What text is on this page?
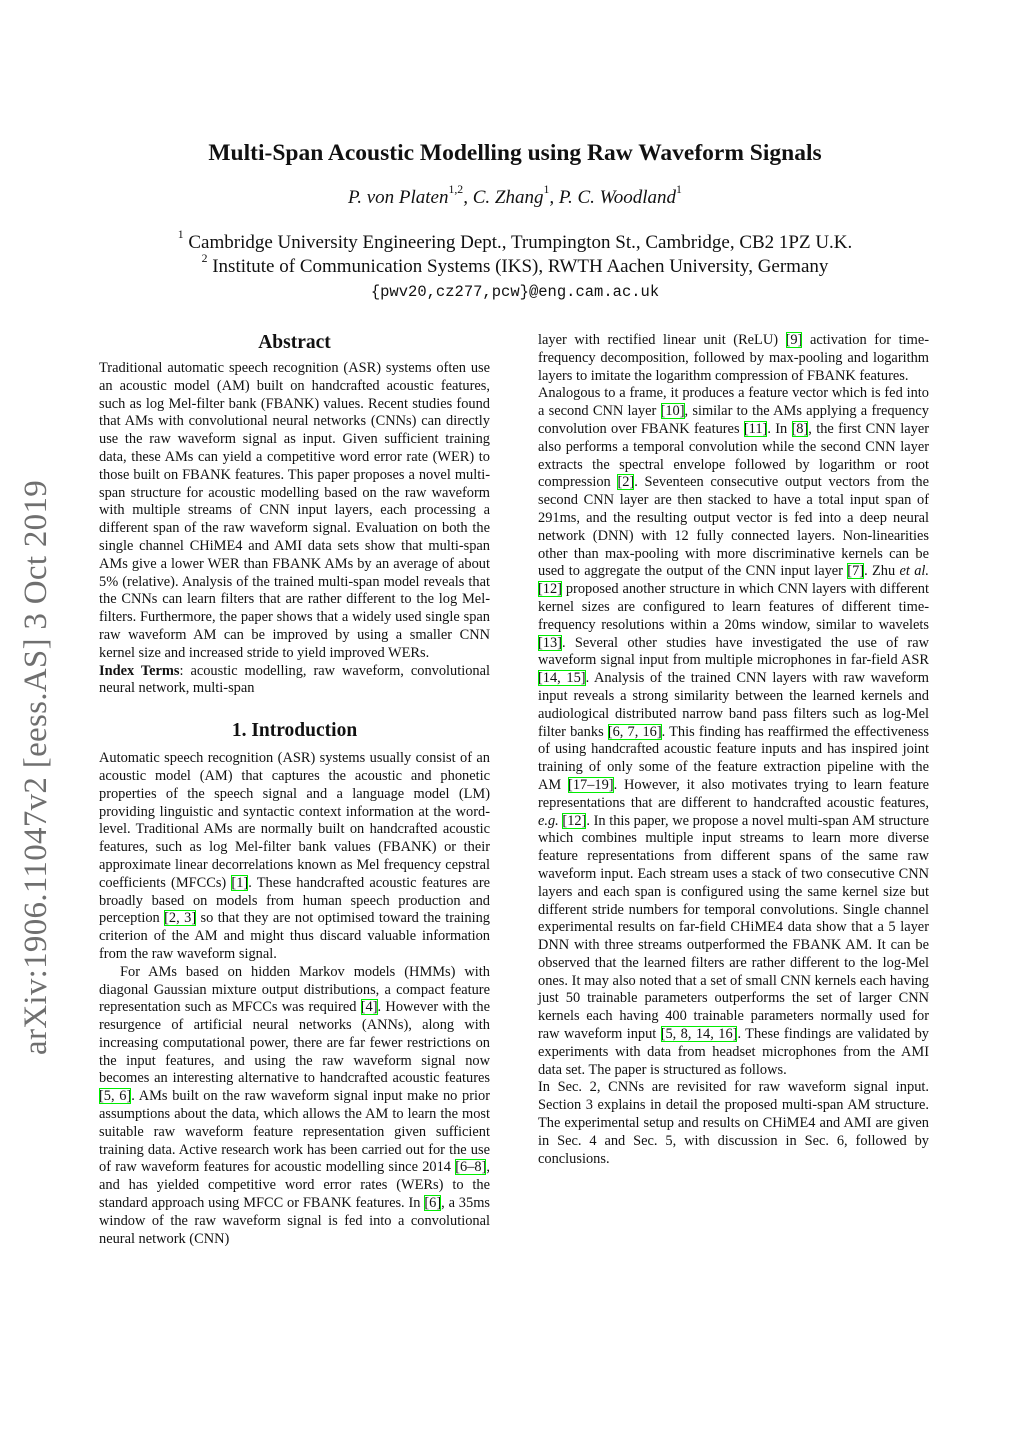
arXiv:1906.11047v2 [eess.AS] 3 Oct 2019
Multi-Span Acoustic Modelling using Raw Waveform Signals
P. von Platen$^{1,2}$, C. Zhang$^1$, P. C. Woodland$^1$
$^1$ Cambridge University Engineering Dept., Trumpington St., Cambridge, CB2 1PZ U.K.
$^2$ Institute of Communication Systems (IKS), RWTH Aachen University, Germany
{pwv20,cz277,pcw}@eng.cam.ac.uk
Abstract

Traditional automatic speech recognition (ASR) systems often use an acoustic model (AM) built on handcrafted acoustic features, such as log Mel-filter bank (FBANK) values. Recent studies found that AMs with convolutional neural networks (CNNs) can directly use the raw waveform signal as input. Given sufficient training data, these AMs can yield a competitive word error rate (WER) to those built on FBANK features. This paper proposes a novel multi-span structure for acoustic modelling based on the raw waveform with multiple streams of CNN input layers, each processing a different span of the raw waveform signal. Evaluation on both the single channel CHiME4 and AMI data sets show that multi-span AMs give a lower WER than FBANK AMs by an average of about 5% (relative). Analysis of the trained multi-span model reveals that the CNNs can learn filters that are rather different to the log Mel-filters. Furthermore, the paper shows that a widely used single span raw waveform AM can be improved by using a smaller CNN kernel size and increased stride to yield improved WERs.

Index Terms: acoustic modelling, raw waveform, convolutional neural network, multi-span

1. Introduction

Automatic speech recognition (ASR) systems usually consist of an acoustic model (AM) that captures the acoustic and phonetic properties of the speech signal and a language model (LM) providing linguistic and syntactic context information at the word-level. Traditional AMs are normally built on handcrafted acoustic features, such as log Mel-filter bank values (FBANK) or their approximate linear decorrelations known as Mel frequency cepstral coefficients (MFCCs) [1]. These handcrafted acoustic features are broadly based on models from human speech production and perception [2, 3] so that they are not optimised toward the training criterion of the AM and might thus discard valuable information from the raw waveform signal.

For AMs based on hidden Markov models (HMMs) with diagonal Gaussian mixture output distributions, a compact feature representation such as MFCCs was required [4]. However with the resurgence of artificial neural networks (ANNs), along with increasing computational power, there are far fewer restrictions on the input features, and using the raw waveform signal now becomes an interesting alternative to handcrafted acoustic features [5, 6]. AMs built on the raw waveform signal input make no prior assumptions about the data, which allows the AM to learn the most suitable raw waveform feature representation given sufficient training data. Active research work has been carried out for the use of raw waveform features for acoustic modelling since 2014 [6–8], and has yielded competitive word error rates (WERs) to the standard approach using MFCC or FBANK features. In [6], a 35ms window of the raw waveform signal is fed into a convolutional neural network (CNN)

layer with rectified linear unit (ReLU) [9] activation for time-frequency decomposition, followed by max-pooling and logarithm layers to imitate the logarithm compression of FBANK features.

Analogous to a frame, it produces a feature vector which is fed into a second CNN layer [10], similar to the AMs applying a frequency convolution over FBANK features [11]. In [8], the first CNN layer also performs a temporal convolution while the second CNN layer extracts the spectral envelope followed by logarithm or root compression [2]. Seventeen consecutive output vectors from the second CNN layer are then stacked to have a total input span of 291ms, and the resulting output vector is fed into a deep neural network (DNN) with 12 fully connected layers. Non-linearities other than max-pooling with more discriminative kernels can be used to aggregate the output of the CNN input layer [7]. Zhu et al. [12] proposed another structure in which CNN layers with different kernel sizes are configured to learn features of different time-frequency resolutions within a 20ms window, similar to wavelets [13]. Several other studies have investigated the use of raw waveform signal input from multiple microphones in far-field ASR [14, 15]. Analysis of the trained CNN layers with raw waveform input reveals a strong similarity between the learned kernels and audiological distributed narrow band pass filters such as log-Mel filter banks [6, 7, 16]. This finding has reaffirmed the effectiveness of using handcrafted acoustic feature inputs and has inspired joint training of only some of the feature extraction pipeline with the AM [17–19]. However, it also motivates trying to learn feature representations that are different to handcrafted acoustic features, e.g. [12]. In this paper, we propose a novel multi-span AM structure which combines multiple input streams to learn more diverse feature representations from different spans of the same raw waveform input. Each stream uses a stack of two consecutive CNN layers and each span is configured using the same kernel size but different stride numbers for temporal convolutions. Single channel experimental results on far-field CHiME4 data show that a 5 layer DNN with three streams outperformed the FBANK AM. It can be observed that the learned filters are rather different to the log-Mel ones. It may also noted that a set of small CNN kernels each having just 50 trainable parameters outperforms the set of larger CNN kernels each having 400 trainable parameters normally used for raw waveform input [5, 8, 14, 16]. These findings are validated by experiments with data from headset microphones from the AMI data set. The paper is structured as follows.

In Sec. 2, CNNs are revisited for raw waveform signal input. Section 3 explains in detail the proposed multi-span AM structure. The experimental setup and results on CHiME4 and AMI are given in Sec. 4 and Sec. 5, with discussion in Sec. 6, followed by conclusions.
